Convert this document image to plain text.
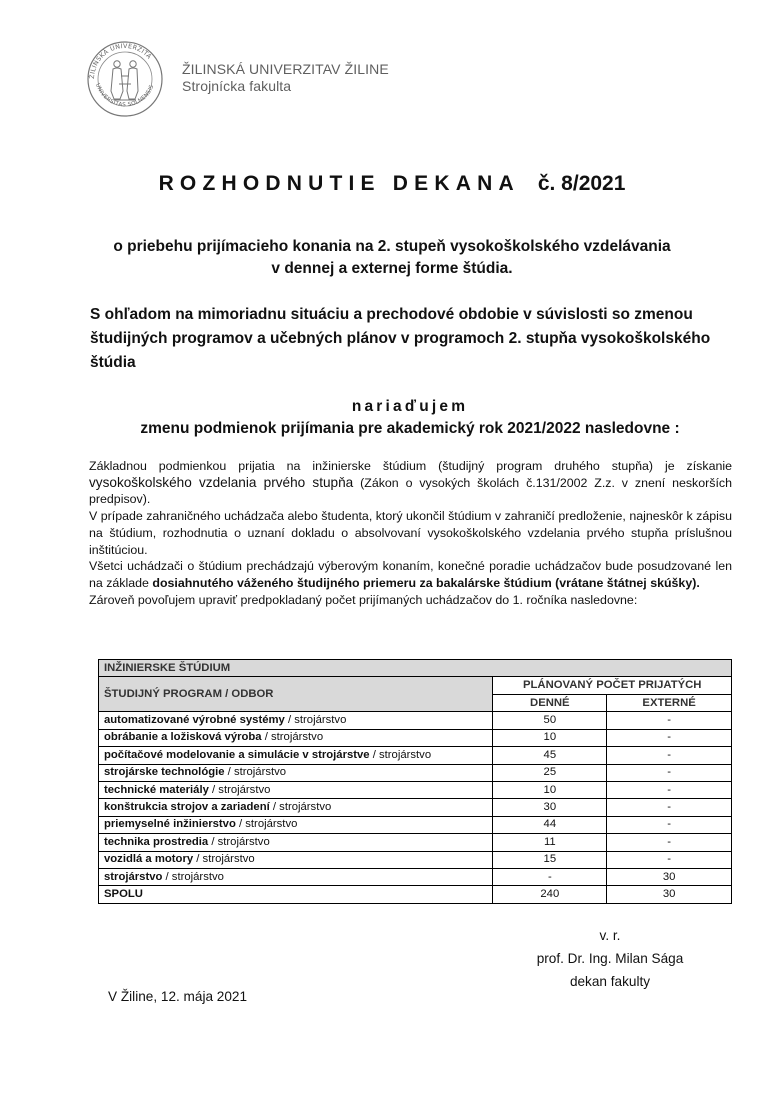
ŽILINSKÁ UNIVERZITA
UNIVERSITAS SOLNENSIS
ŽILINSKÁ UNIVERZITAV ŽILINE
Strojnícka fakulta
ROZHODNUTIE DEKANA č. 8/2021
o priebehu prijímacieho konania na 2. stupeň vysokoškolského vzdelávania
v dennej a externej forme štúdia.
S ohľadom na mimoriadnu situáciu a prechodové obdobie v súvislosti so zmenou študijných programov a učebných plánov v programoch 2. stupňa vysokoškolského štúdia
nariaďujem
zmenu podmienok prijímania pre akademický rok 2021/2022 nasledovne :

Základnou podmienkou prijatia na inžinierske štúdium (študijný program druhého stupňa) je získanie vysokoškolského vzdelania prvého stupňa (Zákon o vysokých školách č.131/2002 Z.z. v znení neskorších predpisov).

V prípade zahraničného uchádzača alebo študenta, ktorý ukončil štúdium v zahraničí predloženie, najneskôr k zápisu na štúdium, rozhodnutia o uznaní dokladu o absolvovaní vysokoškolského vzdelania prvého stupňa príslušnou inštitúciou.

Všetci uchádzači o štúdium prechádzajú výberovým konaním, konečné poradie uchádzačov bude posudzované len na základe dosiahnutého váženého študijného priemeru za bakalárske štúdium (vrátane štátnej skúšky).

Zároveň povoľujem upraviť predpokladaný počet prijímaných uchádzačov do 1. ročníka nasledovne:

INŽINIERSKE ŠTÚDIUM		
ŠTUDIJNÝ PROGRAM / ODBOR	PLÁNOVANÝ POČET PRIJATÝCH	
	DENNÉ	EXTERNÉ
automatizované výrobné systémy / strojárstvo	50	-
obrábanie a ložisková výroba / strojárstvo	10	-
počítačové modelovanie a simulácie v strojárstve / strojárstvo	45	-
strojárske technológie / strojárstvo	25	-
technické materiály / strojárstvo	10	-
konštrukcia strojov a zariadení / strojárstvo	30	-
priemyselné inžinierstvo / strojárstvo	44	-
technika prostredia / strojárstvo	11	-
vozidlá a motory / strojárstvo	15	-
strojárstvo / strojárstvo	-	30
SPOLU	240	30
v. r.
prof. Dr. Ing. Milan Sága
dekan fakulty
V Žiline, 12. mája 2021
